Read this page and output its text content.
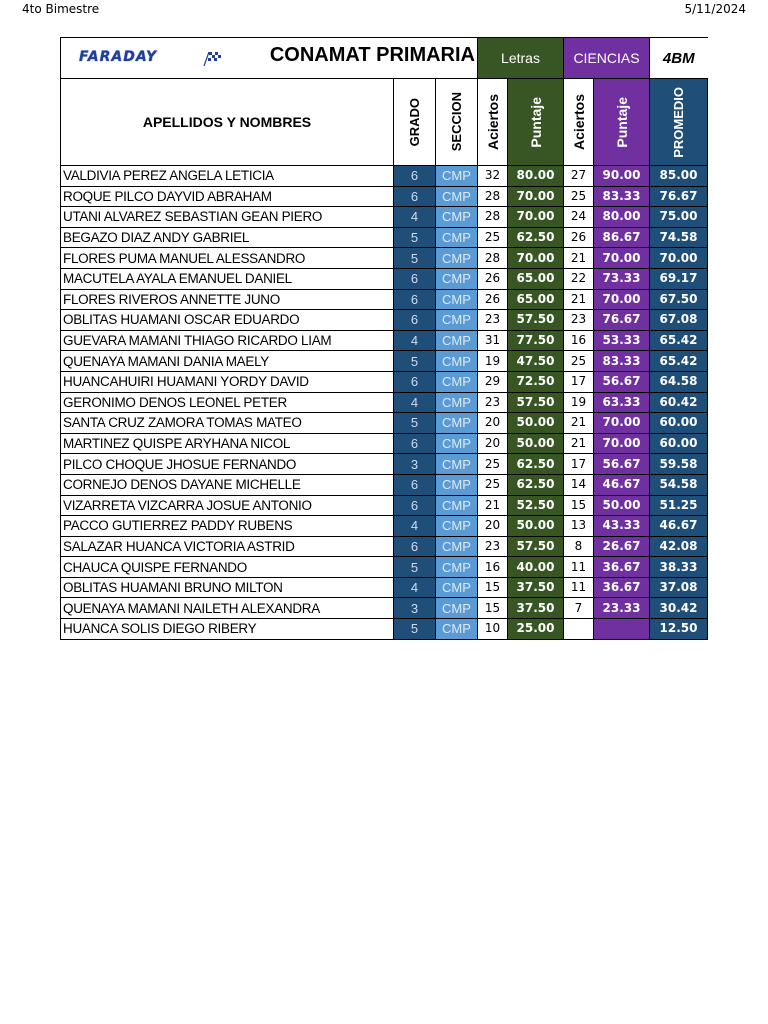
4to Bimestre	5/11/2024
FARADAY CONAMAT PRIMARIA			Letras		CIENCIAS		4BM
APELLIDOS Y NOMBRES	GRADO	SECCION	Aciertos	Puntaje	Aciertos	Puntaje	PROMEDIO

VALDIVIA PEREZ ANGELA LETICIA	6	CMP	32	80.00	27	90.00	85.00
ROQUE PILCO DAYVID ABRAHAM	6	CMP	28	70.00	25	83.33	76.67
UTANI ALVAREZ SEBASTIAN GEAN PIERO	4	CMP	28	70.00	24	80.00	75.00
BEGAZO DIAZ ANDY GABRIEL	5	CMP	25	62.50	26	86.67	74.58
FLORES PUMA MANUEL ALESSANDRO	5	CMP	28	70.00	21	70.00	70.00
MACUTELA AYALA EMANUEL DANIEL	6	CMP	26	65.00	22	73.33	69.17
FLORES RIVEROS ANNETTE JUNO	6	CMP	26	65.00	21	70.00	67.50
OBLITAS HUAMANI OSCAR EDUARDO	6	CMP	23	57.50	23	76.67	67.08
GUEVARA MAMANI THIAGO RICARDO LIAM	4	CMP	31	77.50	16	53.33	65.42
QUENAYA MAMANI DANIA MAELY	5	CMP	19	47.50	25	83.33	65.42
HUANCAHUIRI HUAMANI YORDY DAVID	6	CMP	29	72.50	17	56.67	64.58
GERONIMO DENOS LEONEL PETER	4	CMP	23	57.50	19	63.33	60.42
SANTA CRUZ ZAMORA TOMAS MATEO	5	CMP	20	50.00	21	70.00	60.00
MARTINEZ QUISPE ARYHANA NICOL	6	CMP	20	50.00	21	70.00	60.00
PILCO CHOQUE JHOSUE FERNANDO	3	CMP	25	62.50	17	56.67	59.58
CORNEJO DENOS DAYANE MICHELLE	6	CMP	25	62.50	14	46.67	54.58
VIZARRETA VIZCARRA JOSUE ANTONIO	6	CMP	21	52.50	15	50.00	51.25
PACCO GUTIERREZ PADDY RUBENS	4	CMP	20	50.00	13	43.33	46.67
SALAZAR HUANCA VICTORIA ASTRID	6	CMP	23	57.50	8	26.67	42.08
CHAUCA QUISPE FERNANDO	5	CMP	16	40.00	11	36.67	38.33
OBLITAS HUAMANI BRUNO MILTON	4	CMP	15	37.50	11	36.67	37.08
QUENAYA MAMANI NAILETH ALEXANDRA	3	CMP	15	37.50	7	23.33	30.42
HUANCA SOLIS DIEGO RIBERY	5	CMP	10	25.00			12.50
